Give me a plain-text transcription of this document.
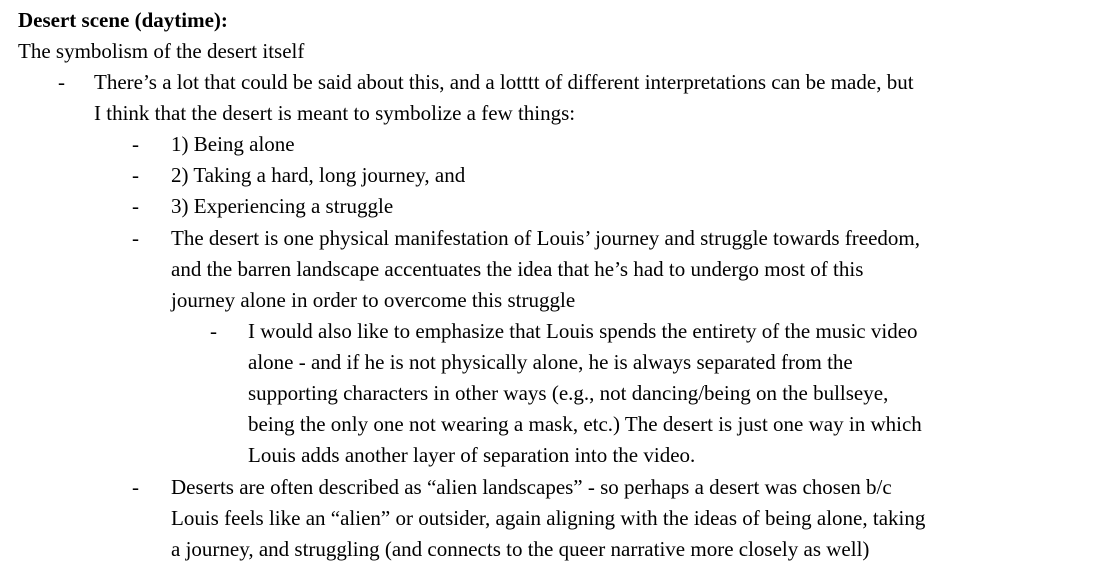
Desert scene (daytime):
The symbolism of the desert itself
- There’s a lot that could be said about this, and a lotttt of different interpretations can be made, but
I think that the desert is meant to symbolize a few things:
- 1) Being alone
- 2) Taking a hard, long journey, and
- 3) Experiencing a struggle
- The desert is one physical manifestation of Louis’ journey and struggle towards freedom,
and the barren landscape accentuates the idea that he’s had to undergo most of this
journey alone in order to overcome this struggle
- I would also like to emphasize that Louis spends the entirety of the music video
alone - and if he is not physically alone, he is always separated from the
supporting characters in other ways (e.g., not dancing/being on the bullseye,
being the only one not wearing a mask, etc.) The desert is just one way in which
Louis adds another layer of separation into the video.
- Deserts are often described as “alien landscapes” - so perhaps a desert was chosen b/c
Louis feels like an “alien” or outsider, again aligning with the ideas of being alone, taking
a journey, and struggling (and connects to the queer narrative more closely as well)
